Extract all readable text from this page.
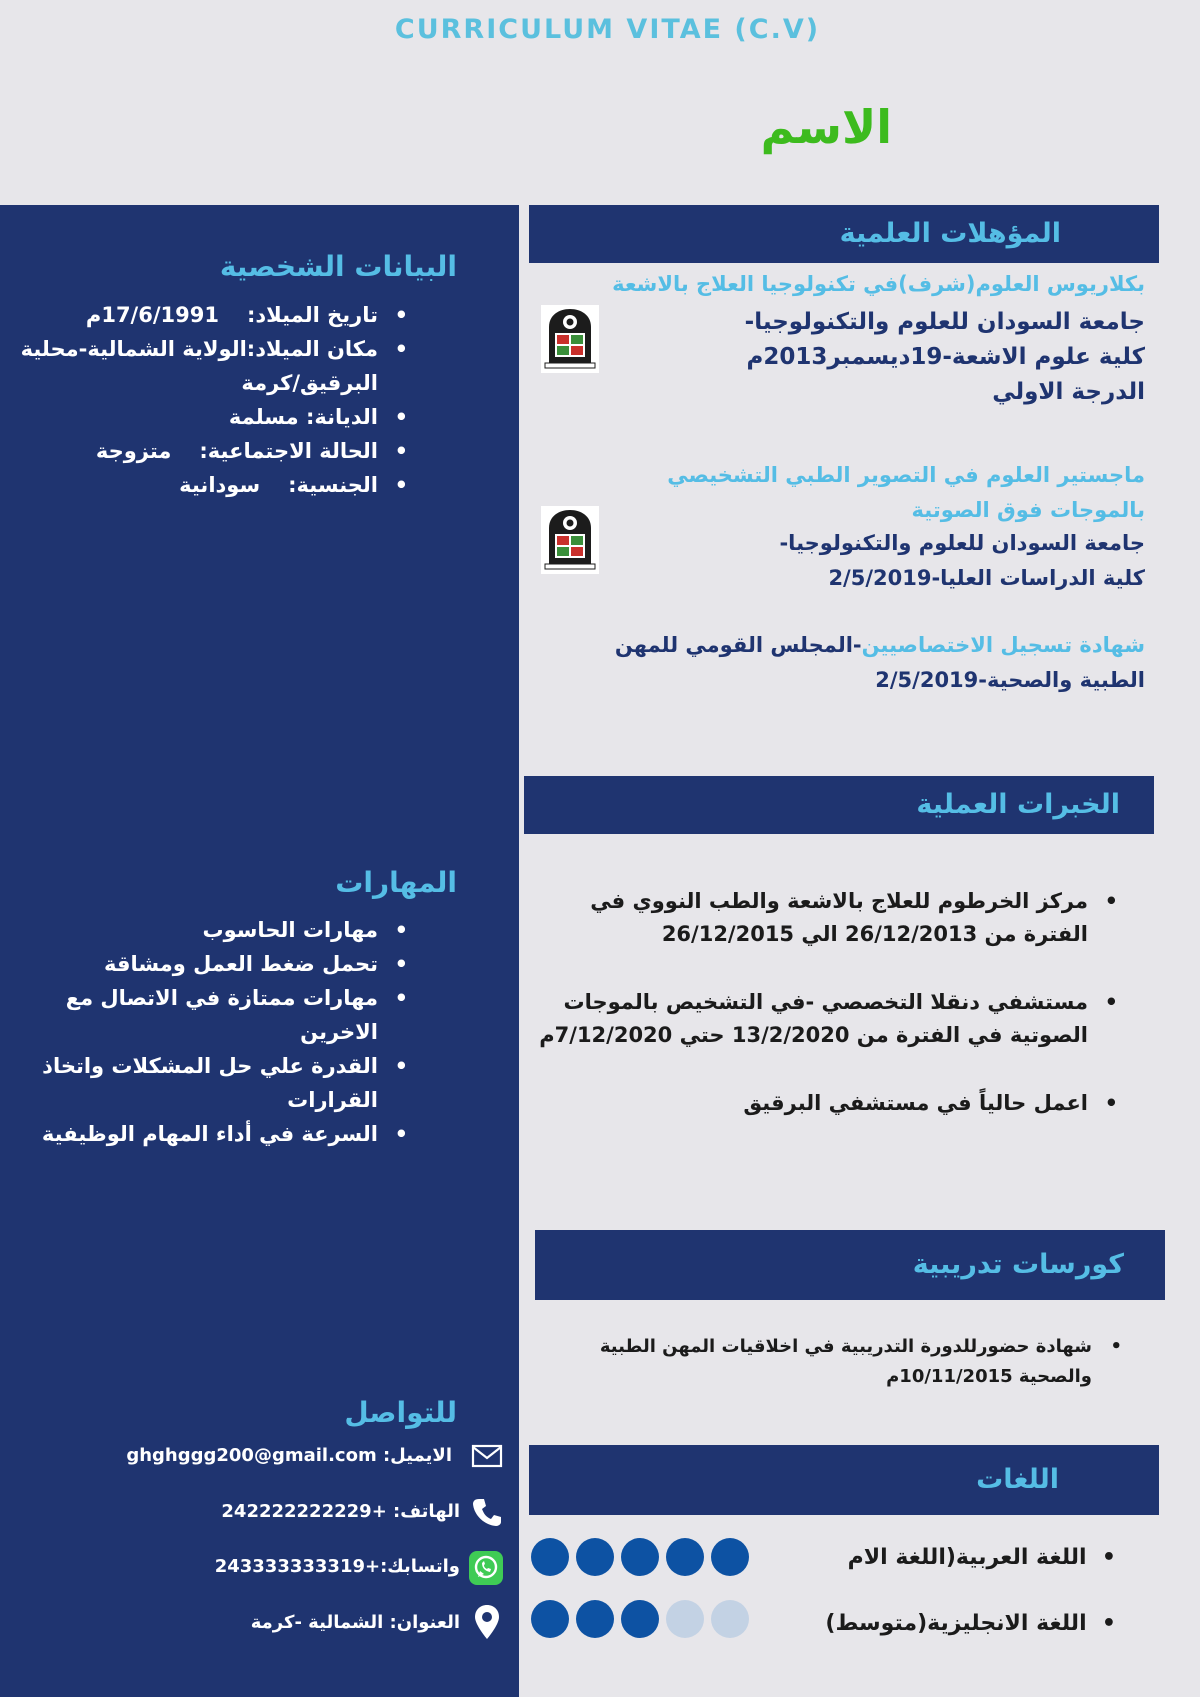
CURRICULUM VITAE (C.V)
الاسم
البيانات الشخصية
• تاريخ الميلاد:17/6/1991م
• مكان الميلاد:الولاية الشمالية-محلية البرقيق/كرمة
• الديانة: مسلمة
• الحالة الاجتماعية:متزوجة
• الجنسية:سودانية
المهارات
• مهارات الحاسوب
• تحمل ضغط العمل ومشاقة
• مهارات ممتازة في الاتصال مع الاخرين
• القدرة علي حل المشكلات واتخاذ القرارات
• السرعة في أداء المهام الوظيفية
للتواصل
الايميل: ghghggg200@gmail.com
الهاتف: +242222222229
واتسابك:+243333333319
العنوان: الشمالية -كرمة
المؤهلات العلمية
بكلاريوس العلوم(شرف)في تكنولوجيا العلاج بالاشعة
جامعة السودان للعلوم والتكنولوجيا-
كلية علوم الاشعة-19ديسمبر2013م
الدرجة الاولي
ماجستير العلوم في التصوير الطبي التشخيصي
بالموجات فوق الصوتية
جامعة السودان للعلوم والتكنولوجيا-
كلية الدراسات العليا-2/5/2019
شهادة تسجيل الاختصاصيين-المجلس القومي للمهن
الطبية والصحية-2/5/2019
الخبرات العملية
• مركز الخرطوم للعلاج بالاشعة والطب النووي في الفترة من 26/12/2013 الي 26/12/2015
• مستشفي دنقلا التخصصي -في التشخيص بالموجات الصوتية في الفترة من 13/2/2020 حتي 7/12/2020م
• اعمل حالياً في مستشفي البرقيق
كورسات تدريبية
• شهادة حضورللدورة التدريبية في اخلاقيات المهن الطبية والصحية 10/11/2015م
اللغات
•  اللغة العربية(اللغة الام
•  اللغة الانجليزية(متوسط)
